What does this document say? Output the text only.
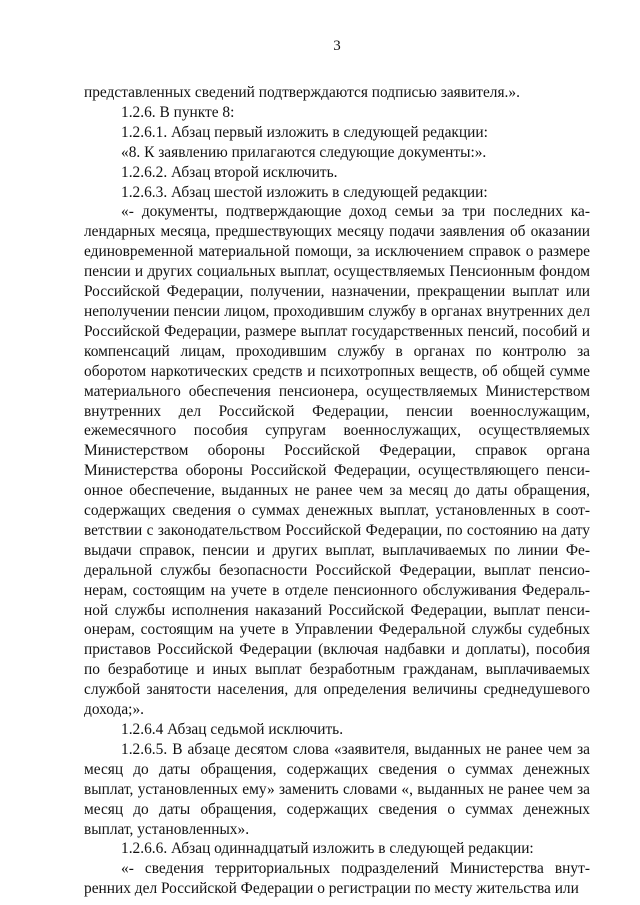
3

представленных сведений подтверждаются подписью заявителя.».

1.2.6. В пункте 8:

1.2.6.1. Абзац первый изложить в следующей редакции:

«8. К заявлению прилагаются следующие документы:».

1.2.6.2. Абзац второй исключить.

1.2.6.3. Абзац шестой изложить в следующей редакции:

«- документы, подтверждающие доход семьи за три последних календарных месяца, предшествующих месяцу подачи заявления об оказании единовременной материальной помощи, за исключением справок о размере пенсии и других социальных выплат, осуществляемых Пенсионным фондом Российской Федерации, получении, назначении, прекращении выплат или неполучении пенсии лицом, проходившим службу в органах внутренних дел Российской Федерации, размере выплат государственных пенсий, пособий и компенсаций лицам, проходившим службу в органах по контролю за оборотом наркотических средств и психотропных веществ, об общей сумме материального обеспечения пенсионера, осуществляемых Министерством внутренних дел Российской Федерации, пенсии военнослужащим, ежемесячного пособия супругам военнослужащих, осуществляемых Министерством обороны Российской Федерации, справок органа Министерства обороны Российской Федерации, осуществляющего пенсионное обеспечение, выданных не ранее чем за месяц до даты обращения, содержащих сведения о суммах денежных выплат, установленных в соответствии с законодательством Российской Федерации, по состоянию на дату выдачи справок, пенсии и других выплат, выплачиваемых по линии Федеральной службы безопасности Российской Федерации, выплат пенсионерам, состоящим на учете в отделе пенсионного обслуживания Федеральной службы исполнения наказаний Российской Федерации, выплат пенсионерам, состоящим на учете в Управлении Федеральной службы судебных приставов Российской Федерации (включая надбавки и доплаты), пособия по безработице и иных выплат безработным гражданам, выплачиваемых службой занятости населения, для определения величины среднедушевого дохода;».

1.2.6.4 Абзац седьмой исключить.

1.2.6.5. В абзаце десятом слова «заявителя, выданных не ранее чем за месяц до даты обращения, содержащих сведения о суммах денежных выплат, установленных ему» заменить словами «, выданных не ранее чем за месяц до даты обращения, содержащих сведения о суммах денежных выплат, установленных».

1.2.6.6. Абзац одиннадцатый изложить в следующей редакции:

«- сведения территориальных подразделений Министерства внутренних дел Российской Федерации о регистрации по месту жительства или
